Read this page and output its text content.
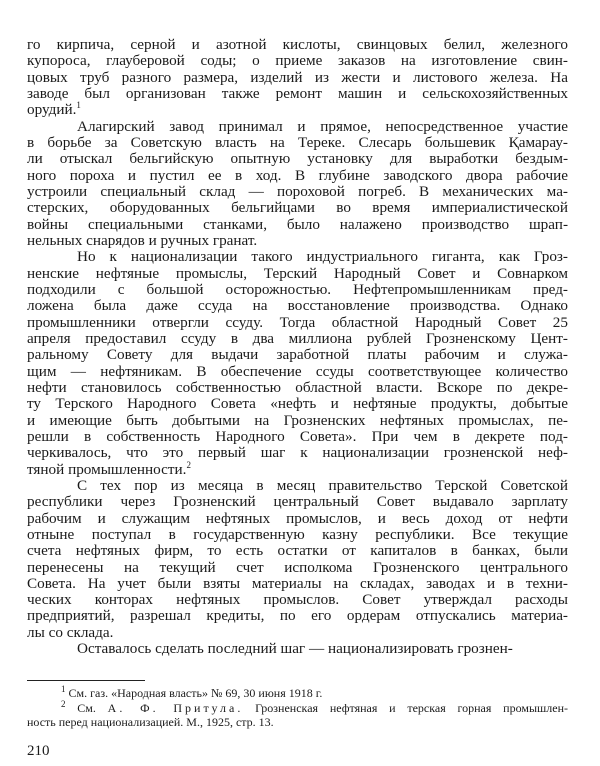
го кирпича, серной и азотной кислоты, свинцовых белил, железного
купороса, глауберовой соды; о приеме заказов на изготовление свин-
цовых труб разного размера, изделий из жести и листового железа. На
заводе был организован также ремонт машин и сельскохозяйственных
орудий.$^1$
Алагирский завод принимал и прямое, непосредственное участие
в борьбе за Советскую власть на Тереке. Слесарь большевик Қамарау-
ли отыскал бельгийскую опытную установку для выработки бездым-
ного пороха и пустил ее в ход. В глубине заводского двора рабочие
устроили специальный склад — пороховой погреб. В механических ма-
стерских, оборудованных бельгийцами во время империалистической
войны специальными станками, было налажено производство шрап-
нельных снарядов и ручных гранат.
Но к национализации такого индустриального гиганта, как Гроз-
ненские нефтяные промыслы, Терский Народный Совет и Совнарком
подходили с большой осторожностью. Нефтепромышленникам пред-
ложена была даже ссуда на восстановление производства. Однако
промышленники отвергли ссуду. Тогда областной Народный Совет 25
апреля предоставил ссуду в два миллиона рублей Грозненскому Цент-
ральному Совету для выдачи заработной платы рабочим и служа-
щим — нефтяникам. В обеспечение ссуды соответствующее количество
нефти становилось собственностью областной власти. Вскоре по декре-
ту Терского Народного Совета «нефть и нефтяные продукты, добытые
и имеющие быть добытыми на Грозненских нефтяных промыслах, пе-
решли в собственность Народного Совета». При чем в декрете под-
черкивалось, что это первый шаг к национализации грозненской неф-
тяной промышленности.$^2$
С тех пор из месяца в месяц правительство Терской Советской
республики через Грозненский центральный Совет выдавало зарплату
рабочим и служащим нефтяных промыслов, и весь доход от нефти
отныне поступал в государственную казну республики. Все текущие
счета нефтяных фирм, то есть остатки от капиталов в банках, были
перенесены на текущий счет исполкома Грозненского центрального
Совета. На учет были взяты материалы на складах, заводах и в техни-
ческих конторах нефтяных промыслов. Совет утверждал расходы
предприятий, разрешал кредиты, по его ордерам отпускались материа-
лы со склада.
Оставалось сделать последний шаг — национализировать грознен-
$^1$ См. газ. «Народная власть» № 69, 30 июня 1918 г.
$^2$ См. А. Ф. Притула. Грозненская нефтяная и терская горная промышлен-
ность перед национализацией. М., 1925, стр. 13.
210
